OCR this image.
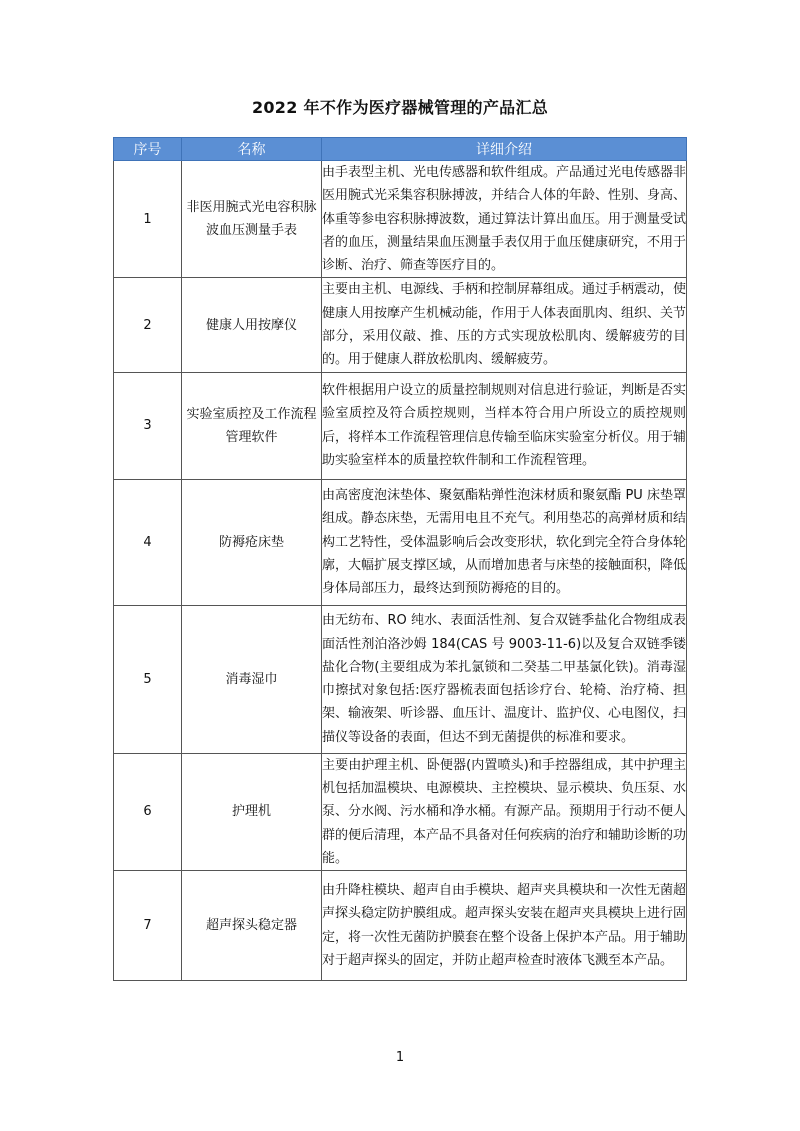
2022 年不作为医疗器械管理的产品汇总
序号	名称	详细介绍
1	非医用腕式光电容积脉波血压测量手表	由手表型主机、光电传感器和软件组成。产品通过光电传感器非医用腕式光采集容积脉搏波，并结合人体的年龄、性别、身高、体重等参电容积脉搏波数，通过算法计算出血压。用于测量受试者的血压，测量结果血压测量手表仅用于血压健康研究，不用于诊断、治疗、筛查等医疗目的。
2	健康人用按摩仪	主要由主机、电源线、手柄和控制屏幕组成。通过手柄震动，使健康人用按摩产生机械动能，作用于人体表面肌肉、组织、关节部分，采用仪敲、推、压的方式实现放松肌肉、缓解疲劳的目的。用于健康人群放松肌肉、缓解疲劳。
3	实验室质控及工作流程管理软件	软件根据用户设立的质量控制规则对信息进行验证，判断是否实验室质控及符合质控规则，当样本符合用户所设立的质控规则后，将样本工作流程管理信息传输至临床实验室分析仪。用于辅助实验室样本的质量控软件制和工作流程管理。
4	防褥疮床垫	由高密度泡沫垫体、聚氨酯粘弹性泡沫材质和聚氨酯 PU 床垫罩组成。静态床垫，无需用电且不充气。利用垫芯的高弹材质和结构工艺特性，受体温影响后会改变形状，软化到完全符合身体轮廓，大幅扩展支撑区域，从而增加患者与床垫的接触面积，降低身体局部压力，最终达到预防褥疮的目的。
5	消毒湿巾	由无纺布、RO 纯水、表面活性剂、复合双链季盐化合物组成表面活性剂泊洛沙姆 184(CAS 号 9003-11-6)以及复合双链季镂盐化合物(主要组成为苯扎氯锁和二癸基二甲基氯化铁)。消毒湿巾擦拭对象包括:医疗器梳表面包括诊疗台、轮椅、治疗椅、担架、输液架、听诊器、血压计、温度计、监护仪、心电图仪，扫描仪等设备的表面，但达不到无菌提供的标准和要求。
6	护理机	主要由护理主机、卧便器(内置喷头)和手控器组成，其中护理主机包括加温模块、电源模块、主控模块、显示模块、负压泵、水泵、分水阀、污水桶和净水桶。有源产品。预期用于行动不便人群的便后清理，本产品不具备对任何疾病的治疗和辅助诊断的功能。
7	超声探头稳定器	由升降柱模块、超声自由手模块、超声夹具模块和一次性无菌超声探头稳定防护膜组成。超声探头安装在超声夹具模块上进行固定，将一次性无菌防护膜套在整个设备上保护本产品。用于辅助对于超声探头的固定，并防止超声检查时液体飞溅至本产品。
1
